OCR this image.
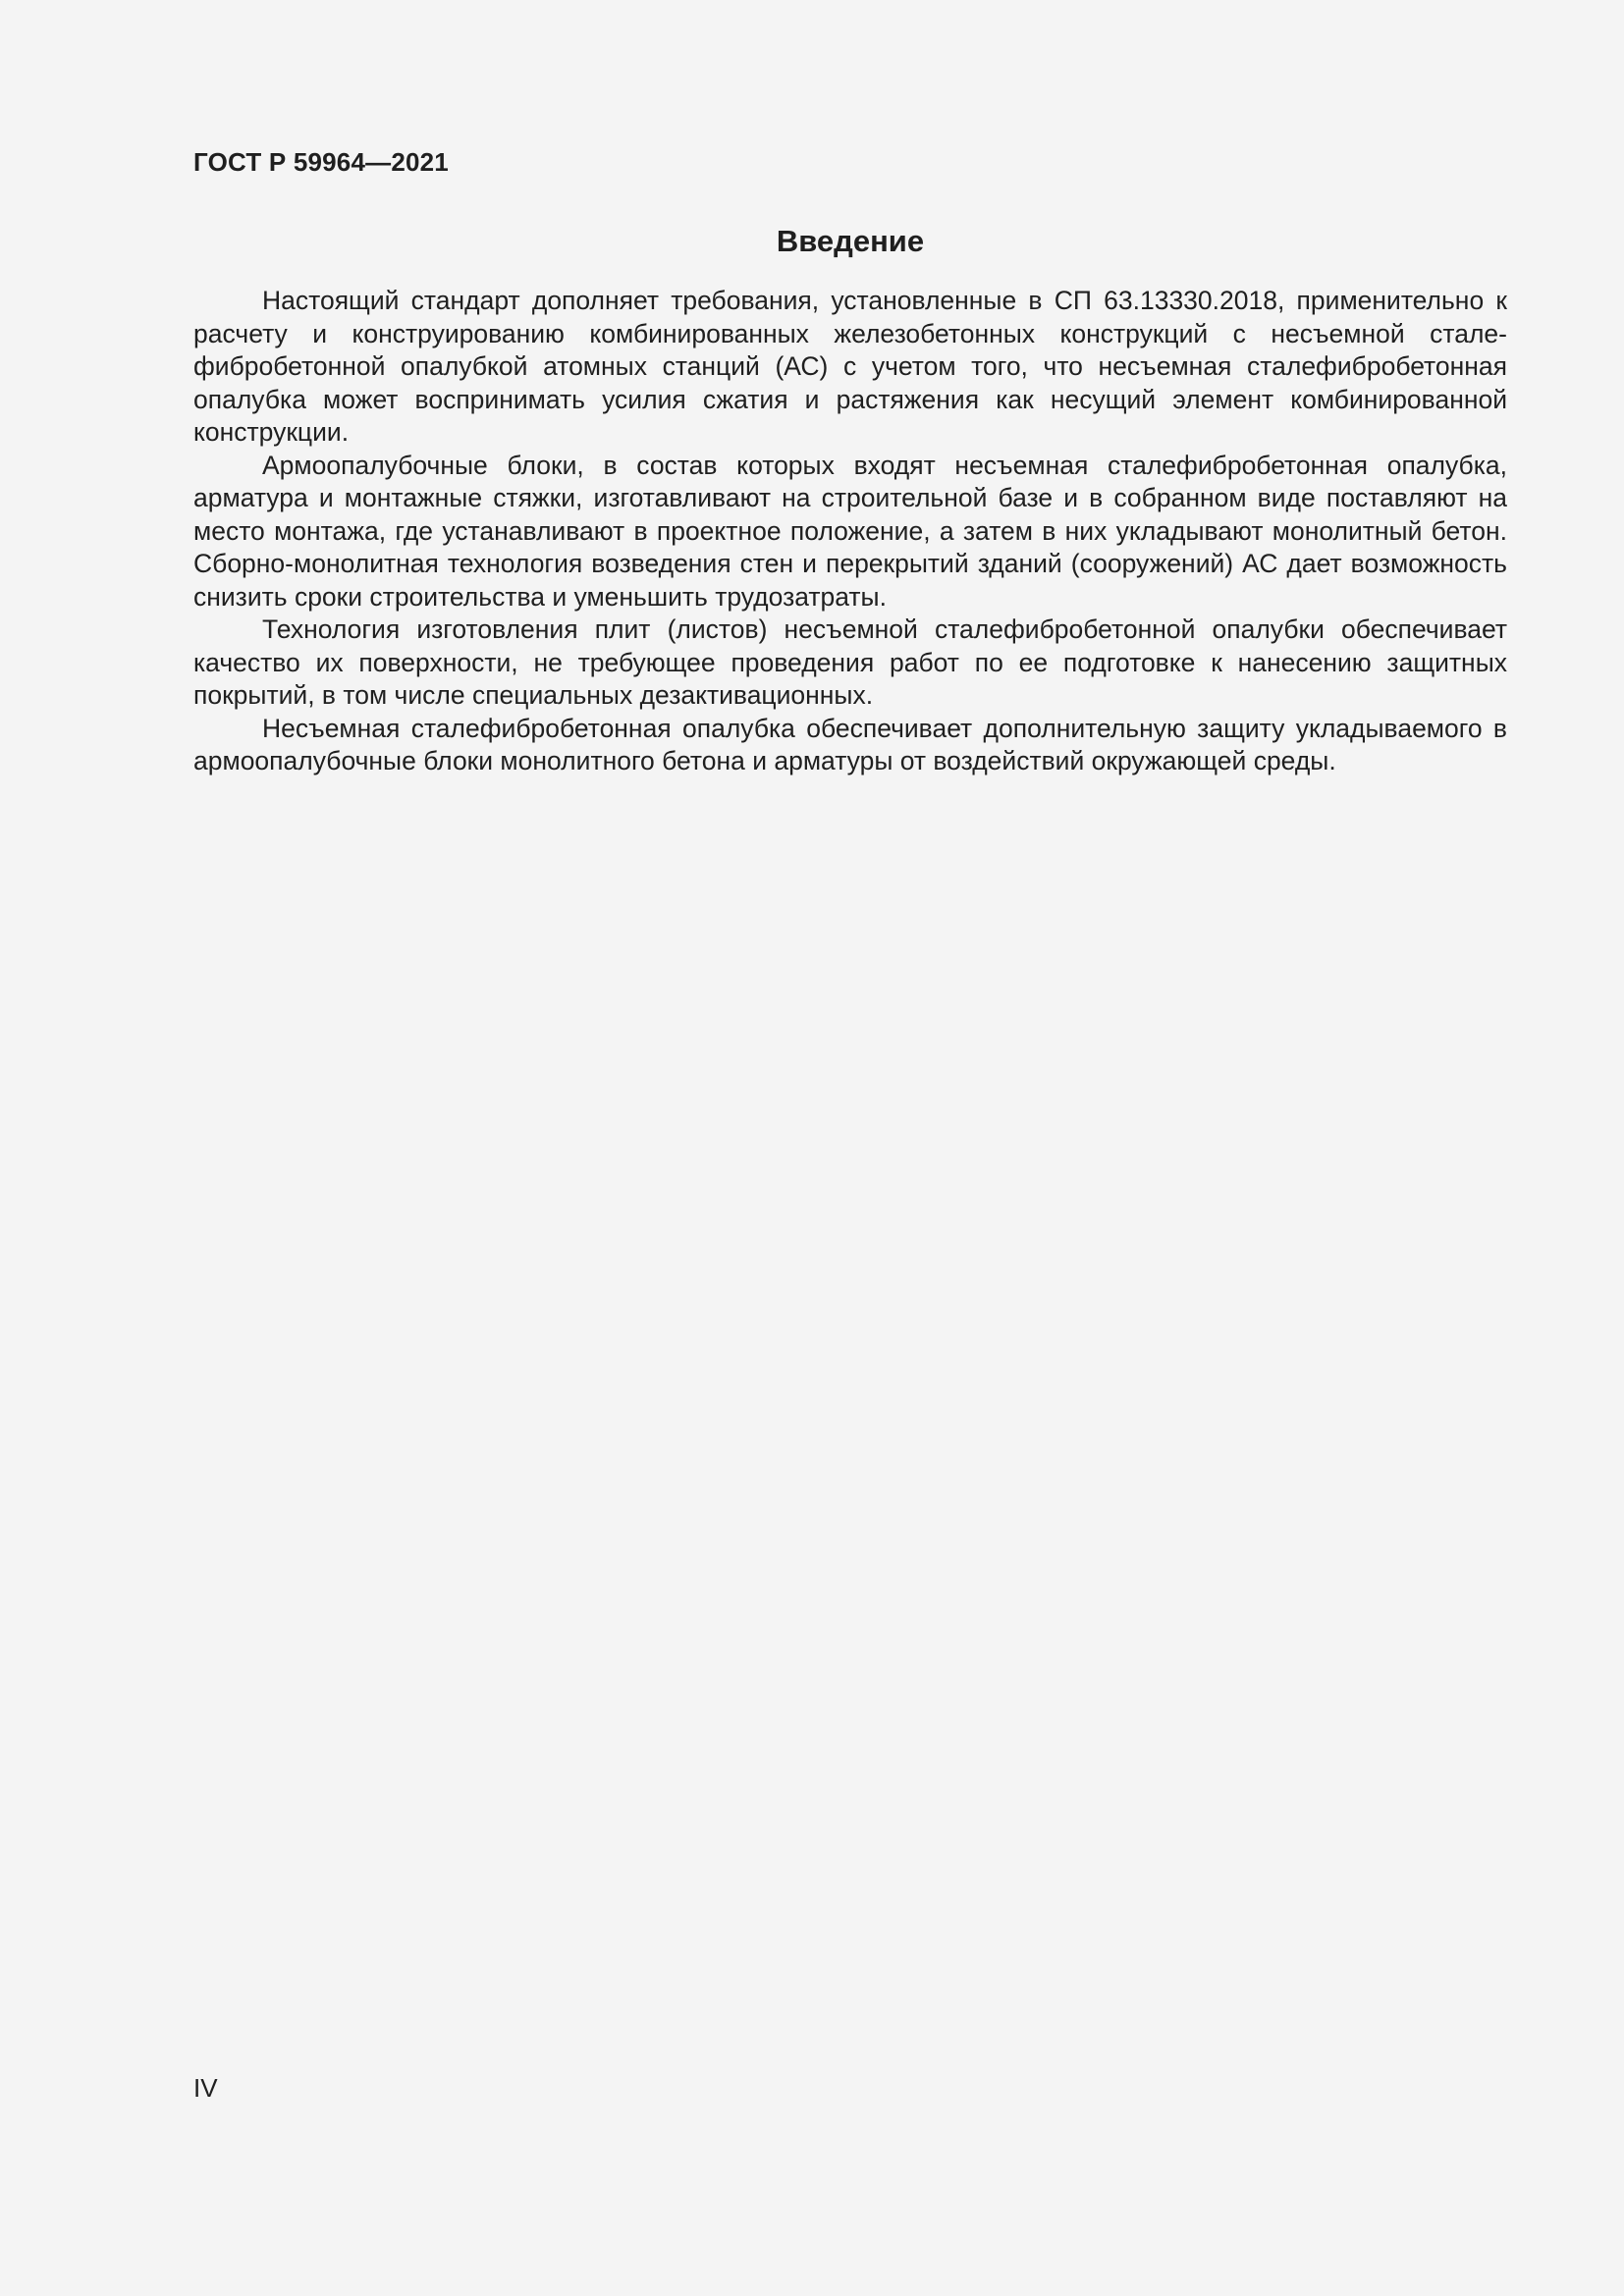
ГОСТ Р 59964—2021
Введение

Настоящий стандарт дополняет требования, установленные в СП 63.13330.2018, применительно к расчету и конструированию комбинированных железобетонных конструкций с несъемной сталефибробетонной опалубкой атомных станций (АС) с учетом того, что несъемная сталефибробетонная опалубка может воспринимать усилия сжатия и растяжения как несущий элемент комбинированной конструкции.

Армоопалубочные блоки, в состав которых входят несъемная сталефибробетонная опалубка, арматура и монтажные стяжки, изготавливают на строительной базе и в собранном виде поставляют на место монтажа, где устанавливают в проектное положение, а затем в них укладывают монолитный бетон. Сборно-монолитная технология возведения стен и перекрытий зданий (сооружений) АС дает возможность снизить сроки строительства и уменьшить трудозатраты.

Технология изготовления плит (листов) несъемной сталефибробетонной опалубки обеспечивает качество их поверхности, не требующее проведения работ по ее подготовке к нанесению защитных покрытий, в том числе специальных дезактивационных.

Несъемная сталефибробетонная опалубка обеспечивает дополнительную защиту укладываемого в армоопалубочные блоки монолитного бетона и арматуры от воздействий окружающей среды.

IV
